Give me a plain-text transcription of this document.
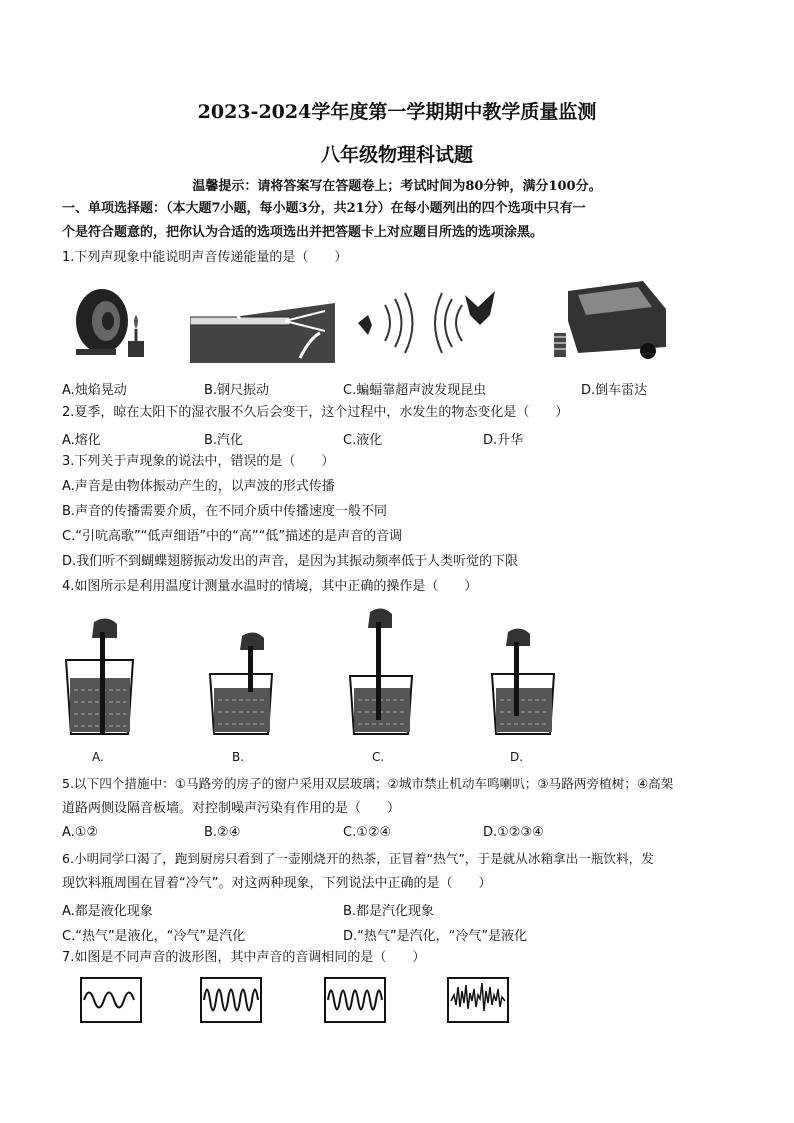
2023-2024学年度第一学期期中教学质量监测
八年级物理科试题
温馨提示：请将答案写在答题卷上；考试时间为80分钟，满分100分。
一、单项选择题：（本大题7小题，每小题3分，共21分）在每小题列出的四个选项中只有一
个是符合题意的，把你认为合适的选项选出并把答题卡上对应题目所选的选项涂黑。
1.下列声现象中能说明声音传递能量的是（　　）
A.烛焰晃动	B.钢尺振动	C.蝙蝠靠超声波发现昆虫	D.倒车雷达
2.夏季，晾在太阳下的湿衣服不久后会变干，这个过程中，水发生的物态变化是（　　）
A.熔化	B.汽化	C.液化	D.升华
3.下列关于声现象的说法中，错误的是（　　）
A.声音是由物体振动产生的，以声波的形式传播
B.声音的传播需要介质，在不同介质中传播速度一般不同
C.“引吭高歌”“低声细语”中的“高”“低”描述的是声音的音调
D.我们听不到蝴蝶翅膀振动发出的声音，是因为其振动频率低于人类听觉的下限
4.如图所示是利用温度计测量水温时的情境，其中正确的操作是（　　）
A.	B.	C.	D.
5.以下四个措施中：①马路旁的房子的窗户采用双层玻璃；②城市禁止机动车鸣喇叭；③马路两旁植树；④高架
道路两侧设隔音板墙。对控制噪声污染有作用的是（　　）
A.①②	B.②④	C.①②④	D.①②③④
6.小明同学口渴了，跑到厨房只看到了一壶刚烧开的热茶，正冒着“热气”，于是就从冰箱拿出一瓶饮料，发
现饮料瓶周围在冒着“冷气”。对这两种现象，下列说法中正确的是（　　）
A.都是液化现象	B.都是汽化现象
C.“热气”是液化，“冷气”是汽化	D.“热气”是汽化，“冷气”是液化
7.如图是不同声音的波形图，其中声音的音调相同的是（　　）
